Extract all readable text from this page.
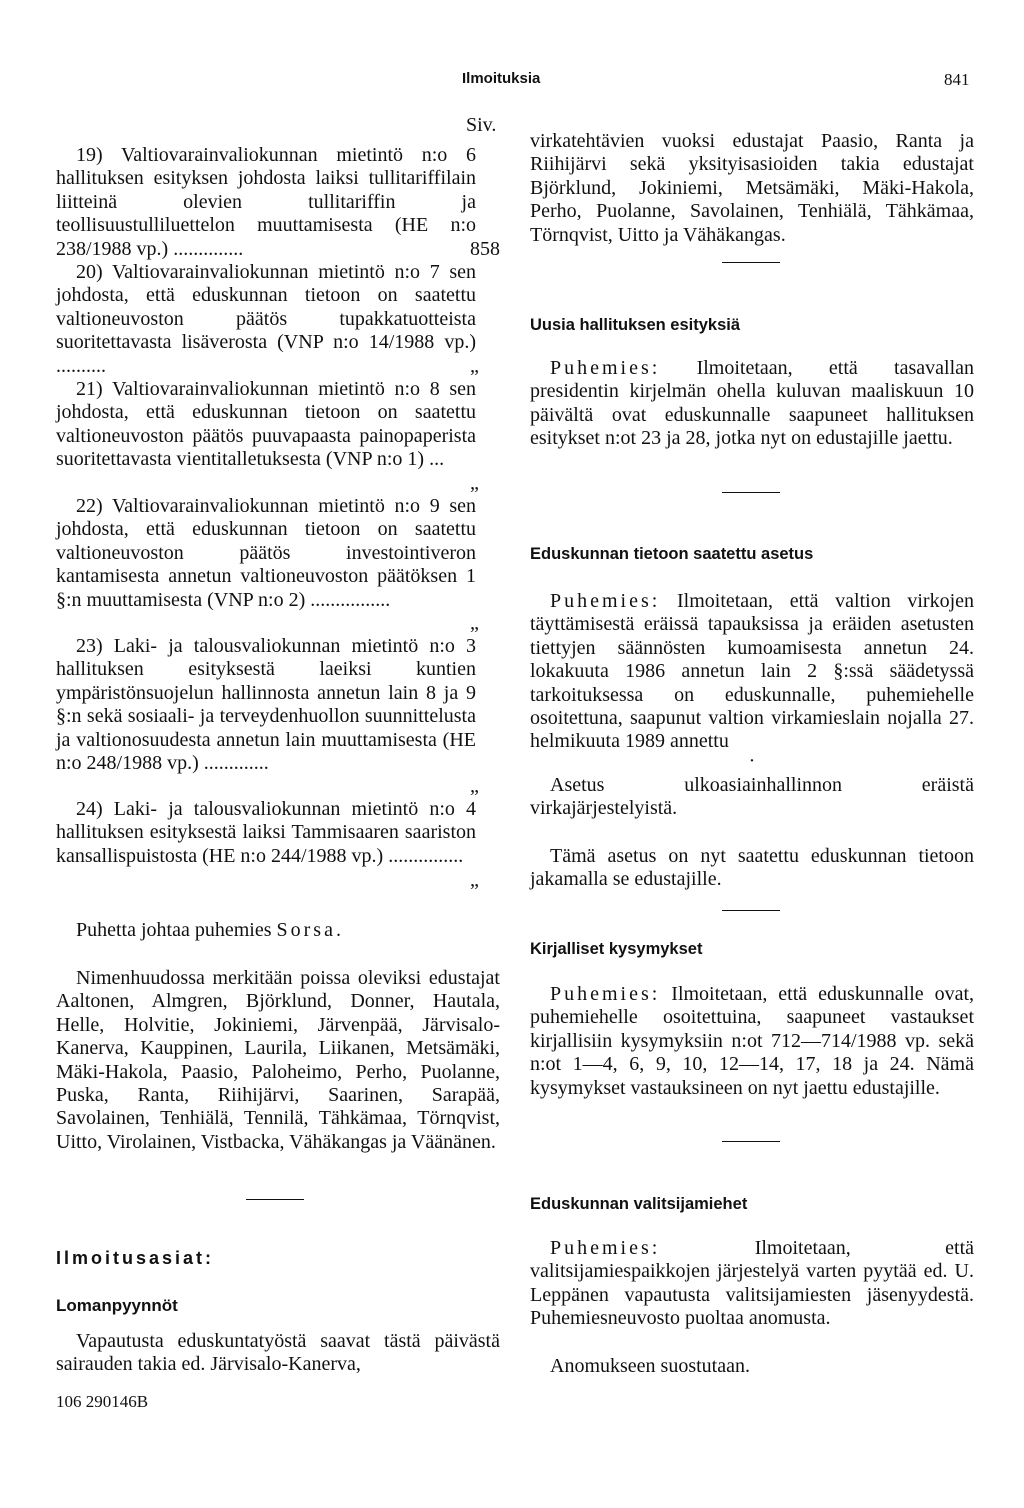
Ilmoituksia	841
Siv.

19) Valtiovarainvaliokunnan mietintö n:o 6 hallituksen esityksen johdosta laiksi tullitariffilain liitteinä olevien tullitariffin ja teollisuustulliluettelon muuttamisesta (HE n:o 238/1988 vp.) ..............

20) Valtiovarainvaliokunnan mietintö n:o 7 sen johdosta, että eduskunnan tietoon on saatettu valtioneuvoston päätös tupakkatuotteista suoritettavasta lisäverosta (VNP n:o 14/1988 vp.) ..........

21) Valtiovarainvaliokunnan mietintö n:o 8 sen johdosta, että eduskunnan tietoon on saatettu valtioneuvoston päätös puuvapaasta painopaperista suoritettavasta vientitalletuksesta (VNP n:o 1) ...

22) Valtiovarainvaliokunnan mietintö n:o 9 sen johdosta, että eduskunnan tietoon on saatettu valtioneuvoston päätös investointiveron kantamisesta annetun valtioneuvoston päätöksen 1 §:n muuttamisesta (VNP n:o 2) ................

23) Laki- ja talousvaliokunnan mietintö n:o 3 hallituksen esityksestä laeiksi kuntien ympäristönsuojelun hallinnosta annetun lain 8 ja 9 §:n sekä sosiaali- ja terveydenhuollon suunnittelusta ja valtionosuudesta annetun lain muuttamisesta (HE n:o 248/1988 vp.) .............

24) Laki- ja talousvaliokunnan mietintö n:o 4 hallituksen esityksestä laiksi Tammisaaren saariston kansallispuistosta (HE n:o 244/1988 vp.) ...............

858
„
„
„
„
„

Puhetta johtaa puhemies Sorsa.

Nimenhuudossa merkitään poissa oleviksi edustajat Aaltonen, Almgren, Björklund, Donner, Hautala, Helle, Holvitie, Jokiniemi, Järvenpää, Järvisalo-Kanerva, Kauppinen, Laurila, Liikanen, Metsämäki, Mäki-Hakola, Paasio, Paloheimo, Perho, Puolanne, Puska, Ranta, Riihijärvi, Saarinen, Sarapää, Savolainen, Tenhiälä, Tennilä, Tähkämaa, Törnqvist, Uitto, Virolainen, Vistbacka, Vähäkangas ja Väänänen.

Ilmoitusasiat:
Lomanpyynnöt

Vapautusta eduskuntatyöstä saavat tästä päivästä sairauden takia ed. Järvisalo-Kanerva,

virkatehtävien vuoksi edustajat Paasio, Ranta ja Riihijärvi sekä yksityisasioiden takia edustajat Björklund, Jokiniemi, Metsämäki, Mäki-Hakola, Perho, Puolanne, Savolainen, Tenhiälä, Tähkämaa, Törnqvist, Uitto ja Vähäkangas.

Uusia hallituksen esityksiä

Puhemies: Ilmoitetaan, että tasavallan presidentin kirjelmän ohella kuluvan maaliskuun 10 päivältä ovat eduskunnalle saapuneet hallituksen esitykset n:ot 23 ja 28, jotka nyt on edustajille jaettu.

Eduskunnan tietoon saatettu asetus

Puhemies: Ilmoitetaan, että valtion virkojen täyttämisestä eräissä tapauksissa ja eräiden asetusten tiettyjen säännösten kumoamisesta annetun 24. lokakuuta 1986 annetun lain 2 §:ssä säädetyssä tarkoituksessa on eduskunnalle, puhemiehelle osoitettuna, saapunut valtion virkamieslain nojalla 27. helmikuuta 1989 annettu

·

Asetus ulkoasiainhallinnon eräistä virkajärjestelyistä.

Tämä asetus on nyt saatettu eduskunnan tietoon jakamalla se edustajille.

Kirjalliset kysymykset

Puhemies: Ilmoitetaan, että eduskunnalle ovat, puhemiehelle osoitettuina, saapuneet vastaukset kirjallisiin kysymyksiin n:ot 712—714/1988 vp. sekä n:ot 1—4, 6, 9, 10, 12—14, 17, 18 ja 24. Nämä kysymykset vastauksineen on nyt jaettu edustajille.

Eduskunnan valitsijamiehet

Puhemies:	Ilmoitetaan, että valitsijamiespaikkojen järjestelyä varten pyytää ed. U. Leppänen vapautusta valitsijamiesten jäsenyydestä. Puhemiesneuvosto puoltaa anomusta.

Anomukseen suostutaan.

106 290146B
